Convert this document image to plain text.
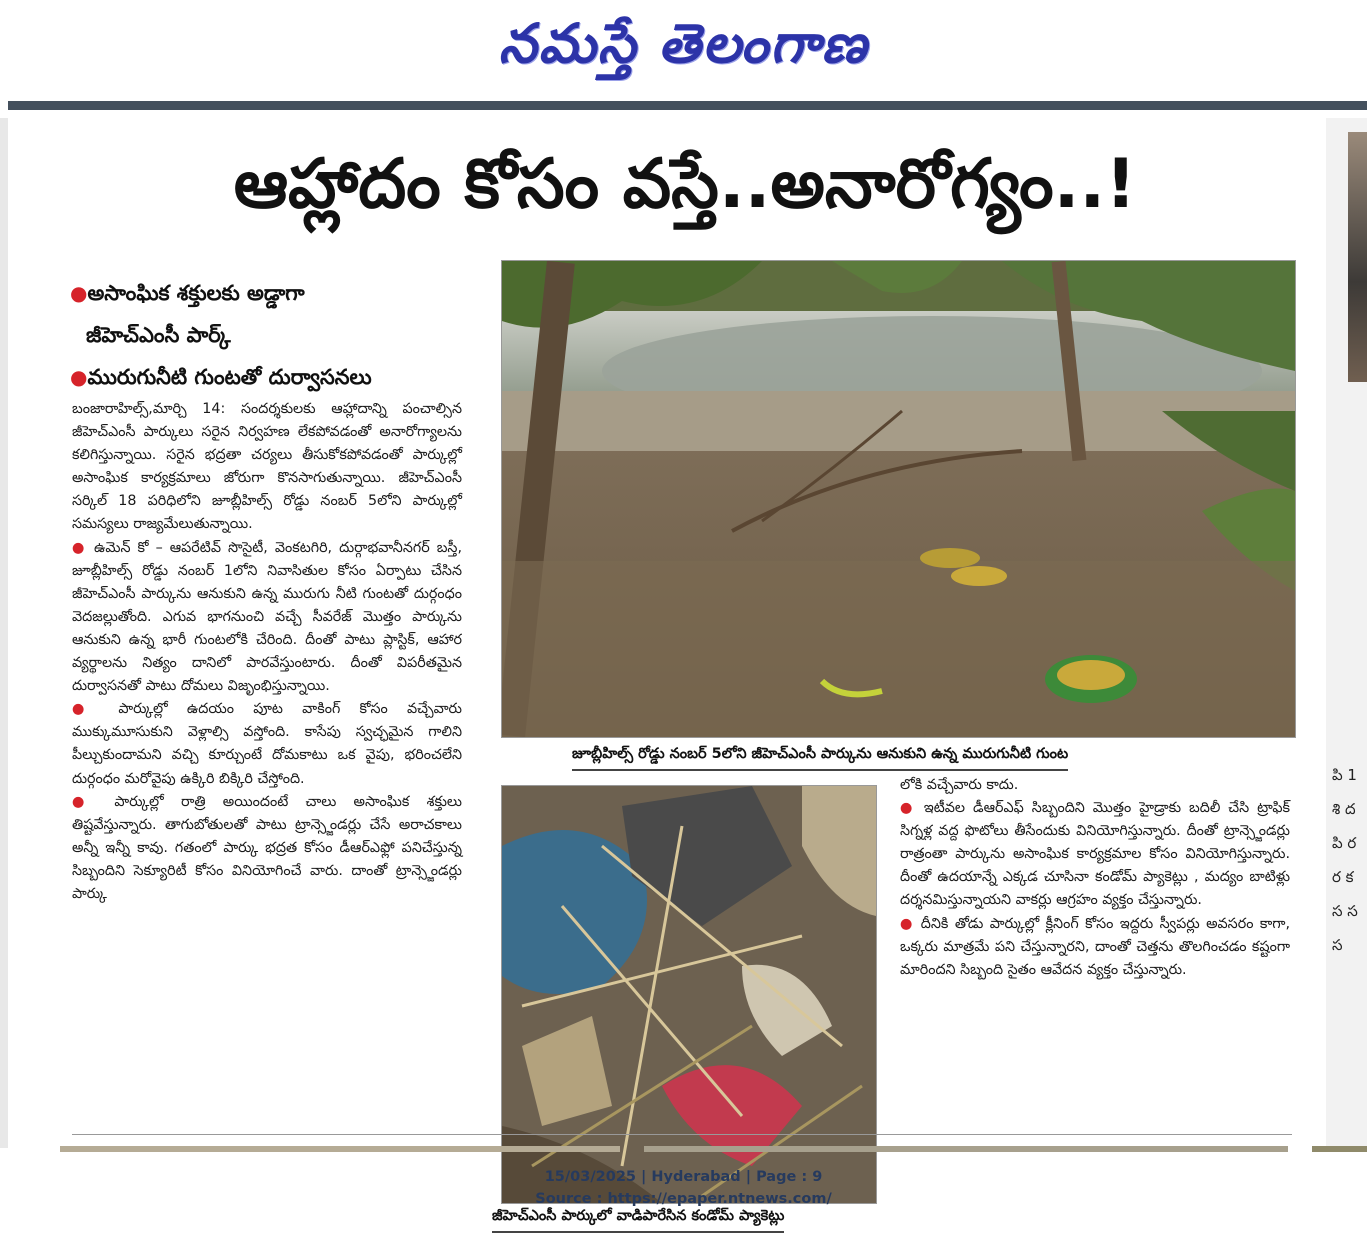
నమస్తే తెలంగాణ
పి 1 శి ద పి ర ర క స స స
ఆహ్లాదం కోసం వస్తే..అనారోగ్యం..!
●అసాంఘిక శక్తులకు అడ్డాగా
జీహెచ్ఎంసీ పార్క్
●మురుగునీటి గుంటతో దుర్వాసనలు

బంజారాహిల్స్,మార్చి 14: సందర్శకులకు ఆహ్లాదాన్ని పంచాల్సిన జీహెచ్ఎంసీ పార్కులు సరైన నిర్వహణ లేకపోవడంతో అనారోగ్యాలను కలిగిస్తున్నాయి. సరైన భద్రతా చర్యలు తీసుకోకపోవడంతో పార్కుల్లో అసాంఘిక కార్యక్రమాలు జోరుగా కొనసాగుతున్నాయి. జీహెచ్ఎంసీ సర్కిల్ 18 పరిధిలోని జూబ్లీహిల్స్ రోడ్డు నంబర్ 5లోని పార్కుల్లో సమస్యలు రాజ్యమేలుతున్నాయి.

● ఉమెన్ కో – ఆపరేటివ్ సొసైటీ, వెంకటగిరి, దుర్గాభవానీనగర్ బస్తీ, జూబ్లీహిల్స్ రోడ్డు నంబర్ 1లోని నివాసితుల కోసం ఏర్పాటు చేసిన జీహెచ్ఎంసీ పార్కును ఆనుకుని ఉన్న మురుగు నీటి గుంటతో దుర్గంధం వెదజల్లుతోంది. ఎగువ భాగనుంచి వచ్చే సీవరేజ్ మొత్తం పార్కును ఆనుకుని ఉన్న భారీ గుంటలోకి చేరింది. దీంతో పాటు ప్లాస్టిక్, ఆహార వ్యర్థాలను నిత్యం దానిలో పారవేస్తుంటారు. దీంతో విపరీతమైన దుర్వాసనతో పాటు దోమలు విజృంభిస్తున్నాయి.

● పార్కుల్లో ఉదయం పూట వాకింగ్ కోసం వచ్చేవారు ముక్కుమూసుకుని వెళ్లాల్సి వస్తోంది. కాసేపు స్వచ్ఛమైన గాలిని పీల్చుకుందామని వచ్చి కూర్చుంటే దోమకాటు ఒక వైపు, భరించలేని దుర్గంధం మరోవైపు ఉక్కిరి బిక్కిరి చేస్తోంది.

● పార్కుల్లో రాత్రి అయిందంటే చాలు అసాంఘిక శక్తులు తిష్టవేస్తున్నారు. తాగుబోతులతో పాటు ట్రాన్స్జెండర్లు చేసే అరాచకాలు అన్నీ ఇన్నీ కావు. గతంలో పార్కు భద్రత కోసం డీఆర్ఎఫ్లో పనిచేస్తున్న సిబ్బందిని సెక్యూరిటీ కోసం వినియోగించే వారు. దాంతో ట్రాన్స్జెండర్లు పార్కు

జూబ్లీహిల్స్ రోడ్డు నంబర్ 5లోని జీహెచ్ఎంసీ పార్కును ఆనుకుని ఉన్న మురుగునీటి గుంట
జీహెచ్ఎంసీ పార్కులో వాడిపారేసిన కండోమ్ ప్యాకెట్లు

లోకి వచ్చేవారు కాదు.

● ఇటీవల డీఆర్ఎఫ్ సిబ్బందిని మొత్తం హైడ్రాకు బదిలీ చేసి ట్రాఫిక్ సిగ్నళ్ల వద్ద ఫొటోలు తీసేందుకు వినియోగిస్తున్నారు. దీంతో ట్రాన్స్జెండర్లు రాత్రంతా పార్కును అసాంఘిక కార్యక్రమాల కోసం వినియోగిస్తున్నారు. దీంతో ఉదయాన్నే ఎక్కడ చూసినా కండోమ్ ప్యాకెట్లు , మద్యం బాటిళ్లు దర్శనమిస్తున్నాయని వాకర్లు ఆగ్రహం వ్యక్తం చేస్తున్నారు.

● దీనికి తోడు పార్కుల్లో క్లీనింగ్ కోసం ఇద్దరు స్వీపర్లు అవసరం కాగా, ఒక్కరు మాత్రమే పని చేస్తున్నారని, దాంతో చెత్తను తొలగించడం కష్టంగా మారిందని సిబ్బంది సైతం ఆవేదన వ్యక్తం చేస్తున్నారు.

15/03/2025 | Hyderabad | Page : 9
Source : https://epaper.ntnews.com/
